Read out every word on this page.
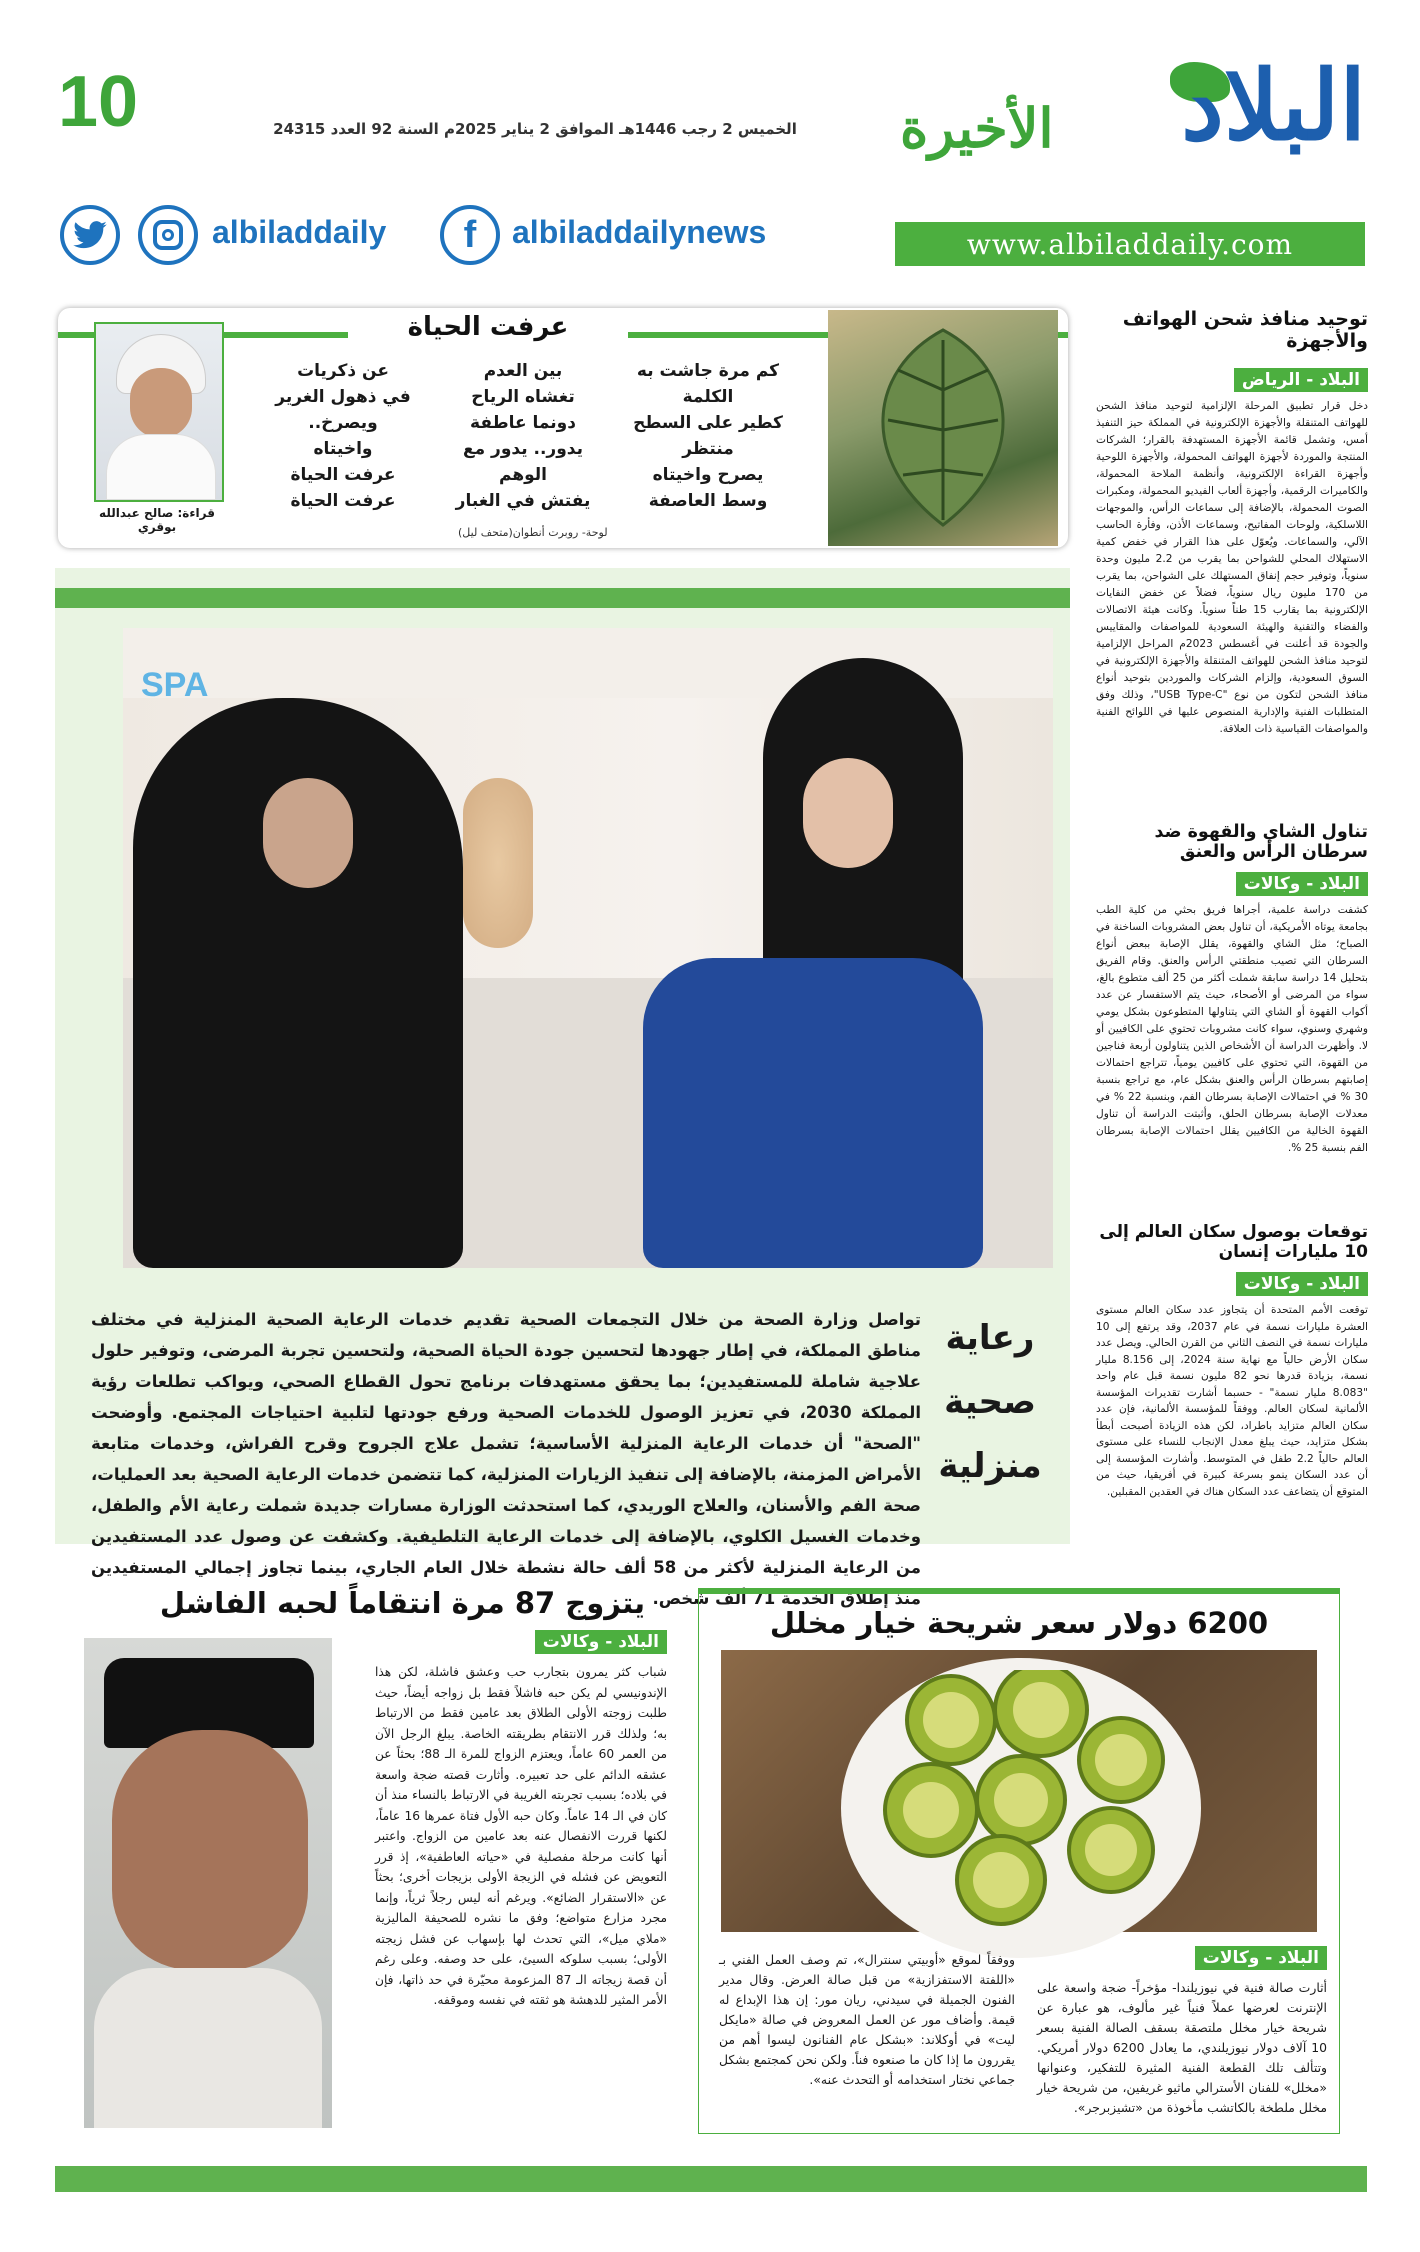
10	الخميس 2 رجب 1446هـ الموافق 2 يناير 2025م السنة 92 العدد 24315	البلاد
الأخيرة
albiladdaily f albiladdailynews	www.albiladdaily.com
عرفت الحياة
لوحة- روبرت أنطوان(متحف ليل)
كم مرة جاشت به
الكلمة
كطير على السطح
منتظر
يصرح واخيتاه
وسط العاصفة
بين العدم
تغشاه الرياح
دونما عاطفة
يدور.. يدور مع
الوهم
يفتش في الغبار
عن ذكريات
في ذهول الغرير
ويصرخ..
واخيتاه
عرفت الحياة
عرفت الحياة
قراءة: صالح عبدالله بوقري
SPA
رعاية
صحية
منزلية

تواصل وزارة الصحة من خلال التجمعات الصحية تقديم خدمات الرعاية الصحية المنزلية في مختلف مناطق المملكة، في إطار جهودها لتحسين جودة الحياة الصحية، ولتحسين تجربة المرضى، وتوفير حلول علاجية شاملة للمستفيدين؛ بما يحقق مستهدفات برنامج تحول القطاع الصحي، ويواكب تطلعات رؤية المملكة 2030، في تعزيز الوصول للخدمات الصحية ورفع جودتها لتلبية احتياجات المجتمع. وأوضحت "الصحة" أن خدمات الرعاية المنزلية الأساسية؛ تشمل علاج الجروح وقرح الفراش، وخدمات متابعة الأمراض المزمنة، بالإضافة إلى تنفيذ الزيارات المنزلية، كما تتضمن خدمات الرعاية الصحية بعد العمليات، صحة الفم والأسنان، والعلاج الوريدي، كما استحدثت الوزارة مسارات جديدة شملت رعاية الأم والطفل، وخدمات الغسيل الكلوي، بالإضافة إلى خدمات الرعاية التلطيفية. وكشفت عن وصول عدد المستفيدين من الرعاية المنزلية لأكثر من 58 ألف حالة نشطة خلال العام الجاري، بينما تجاوز إجمالي المستفيدين منذ إطلاق الخدمة 71 ألف شخص.

توحيد منافذ شحن الهواتف والأجهزة
البلاد - الرياض

دخل قرار تطبيق المرحلة الإلزامية لتوحيد منافذ الشحن للهواتف المتنقلة والأجهزة الإلكترونية في المملكة حيز التنفيذ أمس، وتشمل قائمة الأجهزة المستهدفة بالقرار؛ الشركات المنتجة والموردة لأجهزة الهواتف المحمولة، والأجهزة اللوحية وأجهزة القراءة الإلكترونية، وأنظمة الملاحة المحمولة، والكاميرات الرقمية، وأجهزة ألعاب الفيديو المحمولة، ومكبرات الصوت المحمولة، بالإضافة إلى سماعات الرأس، والموجهات اللاسلكية، ولوحات المفاتيح، وسماعات الأذن، وفأرة الحاسب الآلي، والسماعات. ويُعوّل على هذا القرار في خفض كمية الاستهلاك المحلي للشواحن بما يقرب من 2.2 مليون وحدة سنوياً، وتوفير حجم إنفاق المستهلك على الشواحن، بما يقرب من 170 مليون ريال سنوياً، فضلاً عن خفض النفايات الإلكترونية بما يقارب 15 طناً سنوياً. وكانت هيئة الاتصالات والفضاء والتقنية والهيئة السعودية للمواصفات والمقاييس والجودة قد أعلنت في أغسطس 2023م المراحل الإلزامية لتوحيد منافذ الشحن للهواتف المتنقلة والأجهزة الإلكترونية في السوق السعودية، وإلزام الشركات والموردين بتوحيد أنواع منافذ الشحن لتكون من نوع "USB Type-C"، وذلك وفق المتطلبات الفنية والإدارية المنصوص عليها في اللوائح الفنية والمواصفات القياسية ذات العلاقة.

تناول الشاي والقهوة ضد سرطان الرأس والعنق
البلاد - وكالات

كشفت دراسة علمية، أجراها فريق بحثي من كلية الطب بجامعة يوتاه الأمريكية، أن تناول بعض المشروبات الساخنة في الصباح؛ مثل الشاي والقهوة، يقلل الإصابة ببعض أنواع السرطان التي تصيب منطقتي الرأس والعنق. وقام الفريق بتحليل 14 دراسة سابقة شملت أكثر من 25 ألف متطوع بالغ، سواء من المرضى أو الأصحاء، حيث يتم الاستفسار عن عدد أكواب القهوة أو الشاي التي يتناولها المتطوعون بشكل يومي وشهري وسنوي، سواء كانت مشروبات تحتوي على الكافيين أو لا. وأظهرت الدراسة أن الأشخاص الذين يتناولون أربعة فناجين من القهوة، التي تحتوي على كافيين يومياً، تتراجع احتمالات إصابتهم بسرطان الرأس والعنق بشكل عام، مع تراجع بنسبة 30 % في احتمالات الإصابة بسرطان الفم، وبنسبة 22 % في معدلات الإصابة بسرطان الحلق، وأثبتت الدراسة أن تناول القهوة الخالية من الكافيين يقلل احتمالات الإصابة بسرطان الفم بنسبة 25 %.

توقعات بوصول سكان العالم إلى 10 مليارات إنسان
البلاد - وكالات

توقعت الأمم المتحدة أن يتجاوز عدد سكان العالم مستوى العشرة مليارات نسمة في عام 2037، وقد يرتفع إلى 10 مليارات نسمة في النصف الثاني من القرن الحالي. ويصل عدد سكان الأرض حالياً مع نهاية سنة 2024، إلى 8.156 مليار نسمة، بزيادة قدرها نحو 82 مليون نسمة قبل عام واحد "8.083 مليار نسمة" - حسبما أشارت تقديرات المؤسسة الألمانية لسكان العالم. ووفقاً للمؤسسة الألمانية، فإن عدد سكان العالم متزايد باطراد، لكن هذه الزيادة أصبحت أبطأ بشكل متزايد، حيث يبلغ معدل الإنجاب للنساء على مستوى العالم حالياً 2.2 طفل في المتوسط. وأشارت المؤسسة إلى أن عدد السكان ينمو بسرعة كبيرة في أفريقيا، حيث من المتوقع أن يتضاعف عدد السكان هناك في العقدين المقبلين.

يتزوج 87 مرة انتقاماً لحبه الفاشل
البلاد - وكالات

شباب كثر يمرون بتجارب حب وعشق فاشلة، لكن هذا الإندونيسي لم يكن حبه فاشلاً فقط بل زواجه أيضاً، حيث طلبت زوجته الأولى الطلاق بعد عامين فقط من الارتباط به؛ ولذلك قرر الانتقام بطريقته الخاصة. يبلغ الرجل الآن من العمر 60 عاماً، ويعتزم الزواج للمرة الـ 88؛ بحثاً عن عشقه الدائم على حد تعبيره. وأثارت قصته ضجة واسعة في بلاده؛ بسبب تجربته الغريبة في الارتباط بالنساء منذ أن كان في الـ 14 عاماً. وكان حبه الأول فتاة عمرها 16 عاماً، لكنها قررت الانفصال عنه بعد عامين من الزواج. واعتبر أنها كانت مرحلة مفصلية في «حياته العاطفية»، إذ قرر التعويض عن فشله في الزيجة الأولى بزيجات أخرى؛ بحثاً عن «الاستقرار الضائع». ويرغم أنه ليس رجلاً ثرياً، وإنما مجرد مزارع متواضع؛ وفق ما نشره للصحيفة الماليزية «ملاي ميل»، التي تحدث لها بإسهاب عن فشل زيجته الأولى؛ بسبب سلوكه السيئ، على حد وصفه. وعلى رغم أن قصة زيجاته الـ 87 المزعومة محيّرة في حد ذاتها، فإن الأمر المثير للدهشة هو ثقته في نفسه وموقفه.

6200 دولار سعر شريحة خيار مخلل
البلاد - وكالات

أثارت صالة فنية في نيوزيلندا- مؤخراً- ضجة واسعة على الإنترنت لعرضها عملاً فنياً غير مألوف، هو عبارة عن شريحة خيار مخلل ملتصقة بسقف الصالة الفنية بسعر 10 آلاف دولار نيوزيلندي، ما يعادل 6200 دولار أمريكي. وتتألف تلك القطعة الفنية المثيرة للتفكير، وعنوانها «مخلل» للفنان الأسترالي ماثيو غريفين، من شريحة خيار مخلل ملطخة بالكاتشب مأخوذة من «تشيزبرجر».

ووفقاً لموقع «أوبيتي سنترال»، تم وصف العمل الفني بـ «اللفتة الاستفزازية» من قبل صالة العرض. وقال مدير الفنون الجميلة في سيدني، ريان مور: إن هذا الإبداع له قيمة. وأضاف مور عن العمل المعروض في صالة «مايكل ليت» في أوكلاند: «بشكل عام الفنانون ليسوا أهم من يقررون ما إذا كان ما صنعوه فناً. ولكن نحن كمجتمع بشكل جماعي نختار استخدامه أو التحدث عنه».
